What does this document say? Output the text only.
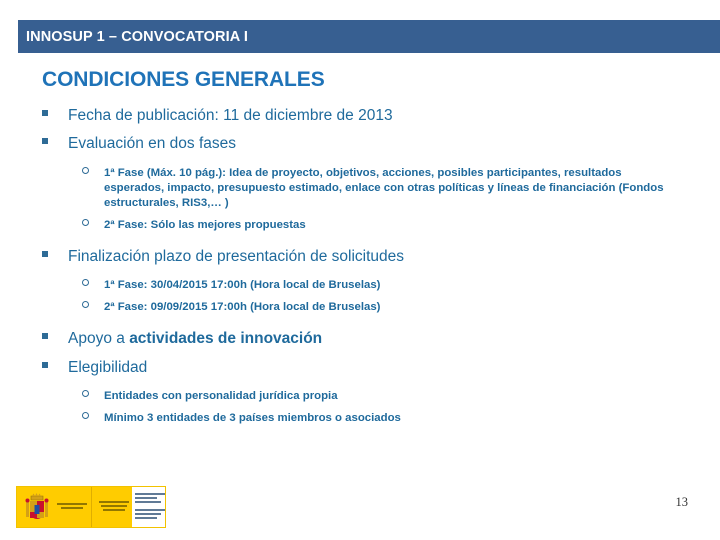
INNOSUP 1 – CONVOCATORIA I
CONDICIONES GENERALES
Fecha de publicación: 11 de diciembre de 2013
Evaluación en dos fases
1ª Fase (Máx. 10 pág.): Idea de proyecto, objetivos, acciones, posibles participantes, resultados esperados, impacto, presupuesto estimado, enlace con otras políticas y líneas de financiación (Fondos estructurales, RIS3,… )
2ª Fase: Sólo las mejores propuestas
Finalización plazo de presentación de solicitudes
1ª Fase: 30/04/2015 17:00h (Hora local de Bruselas)
2ª Fase: 09/09/2015 17:00h (Hora local de Bruselas)
Apoyo a actividades de innovación
Elegibilidad
Entidades con personalidad jurídica propia
Mínimo 3 entidades de 3 países miembros o asociados
13
